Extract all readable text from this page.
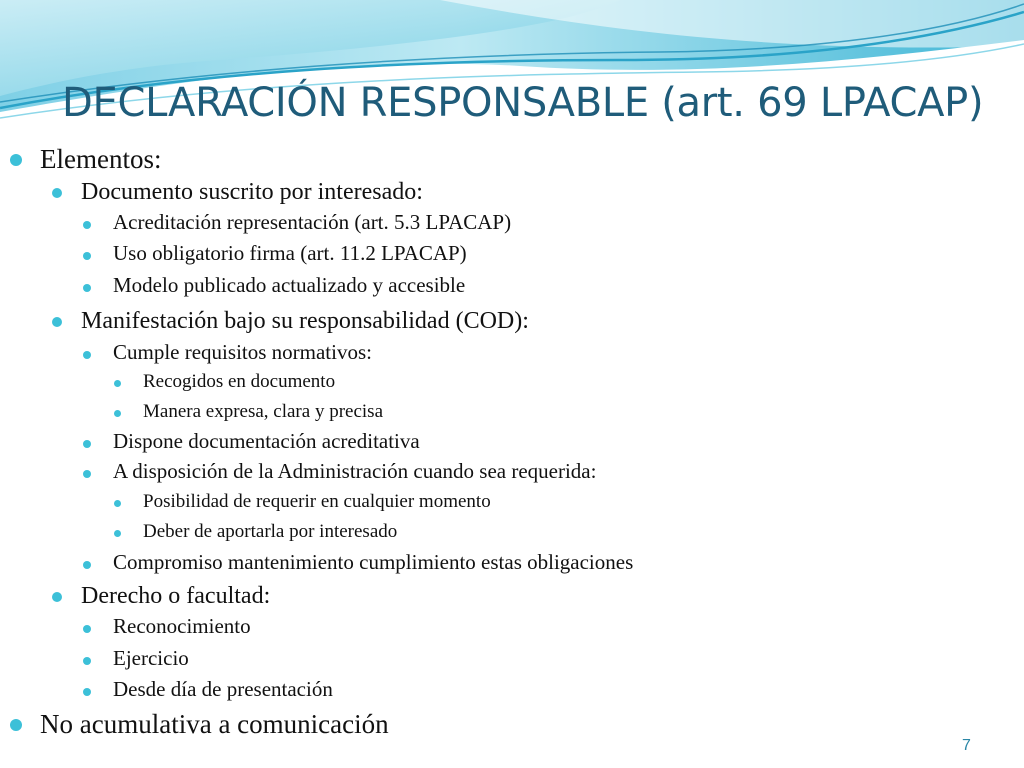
DECLARACIÓN RESPONSABLE (art. 69 LPACAP)
Elementos:
Documento suscrito por interesado:
Acreditación representación (art. 5.3 LPACAP)
Uso obligatorio firma (art. 11.2 LPACAP)
Modelo publicado actualizado y accesible
Manifestación bajo su responsabilidad (COD):
Cumple requisitos normativos:
Recogidos en documento
Manera expresa, clara y precisa
Dispone documentación acreditativa
A disposición de la Administración cuando sea requerida:
Posibilidad de requerir en cualquier momento
Deber de aportarla por interesado
Compromiso mantenimiento cumplimiento estas obligaciones
Derecho o facultad:
Reconocimiento
Ejercicio
Desde día de presentación
No acumulativa a comunicación
7
